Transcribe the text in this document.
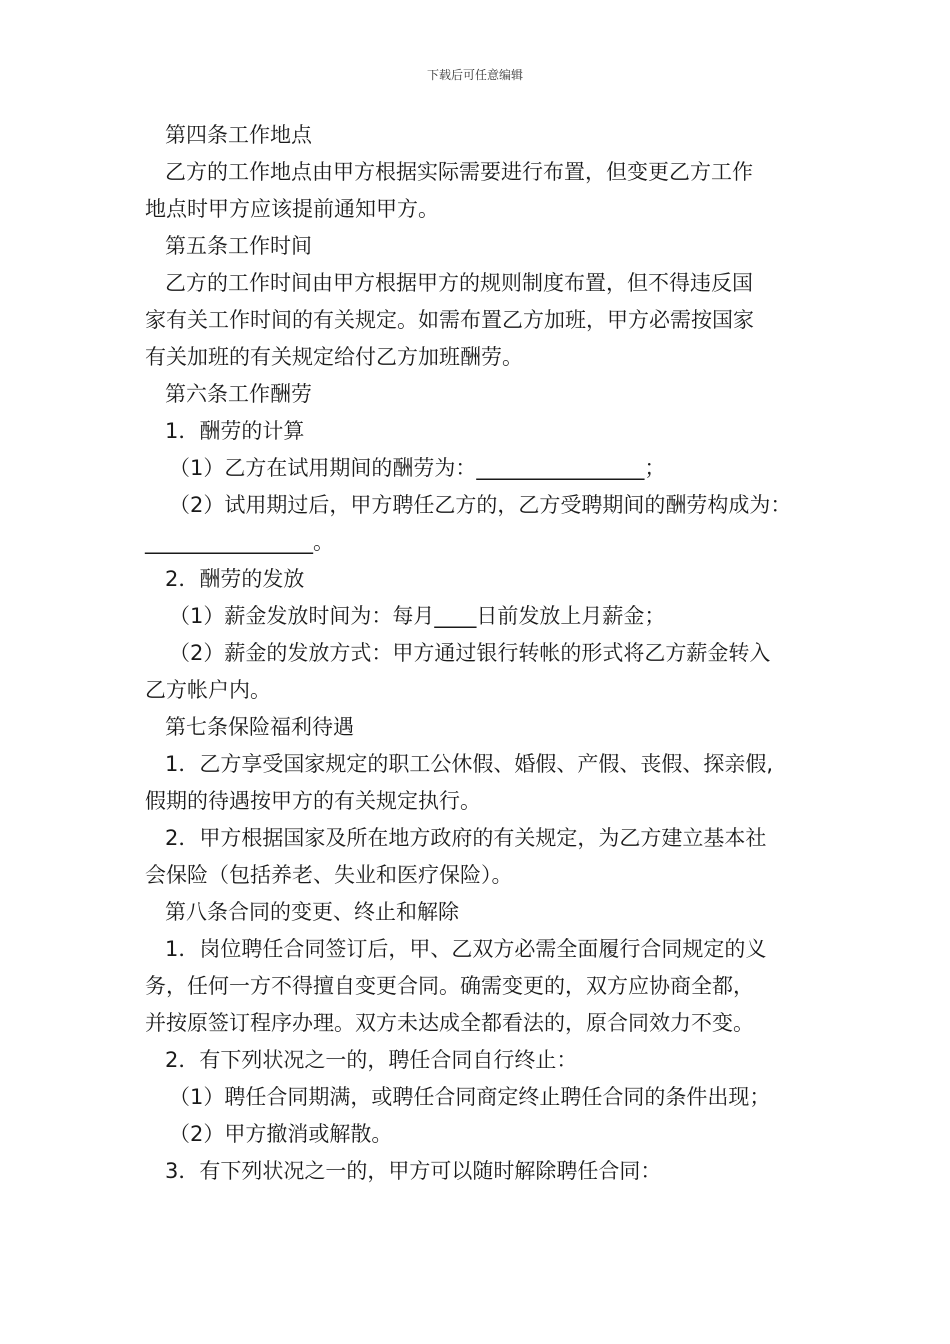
下载后可任意编辑
第四条工作地点
乙方的工作地点由甲方根据实际需要进行布置，但变更乙方工作
地点时甲方应该提前通知甲方。
第五条工作时间
乙方的工作时间由甲方根据甲方的规则制度布置，但不得违反国
家有关工作时间的有关规定。如需布置乙方加班，甲方必需按国家
有关加班的有关规定给付乙方加班酬劳。
第六条工作酬劳
1．酬劳的计算
（1）乙方在试用期间的酬劳为：________________；
（2）试用期过后，甲方聘任乙方的，乙方受聘期间的酬劳构成为：
________________。
2．酬劳的发放
（1）薪金发放时间为：每月____日前发放上月薪金；
（2）薪金的发放方式：甲方通过银行转帐的形式将乙方薪金转入
乙方帐户内。
第七条保险福利待遇
1．乙方享受国家规定的职工公休假、婚假、产假、丧假、探亲假,
假期的待遇按甲方的有关规定执行。
2．甲方根据国家及所在地方政府的有关规定，为乙方建立基本社
会保险（包括养老、失业和医疗保险）。
第八条合同的变更、终止和解除
1．岗位聘任合同签订后，甲、乙双方必需全面履行合同规定的义
务，任何一方不得擅自变更合同。确需变更的，双方应协商全都，
并按原签订程序办理。双方未达成全都看法的，原合同效力不变。
2．有下列状况之一的，聘任合同自行终止：
（1）聘任合同期满，或聘任合同商定终止聘任合同的条件出现；
（2）甲方撤消或解散。
3．有下列状况之一的，甲方可以随时解除聘任合同：
